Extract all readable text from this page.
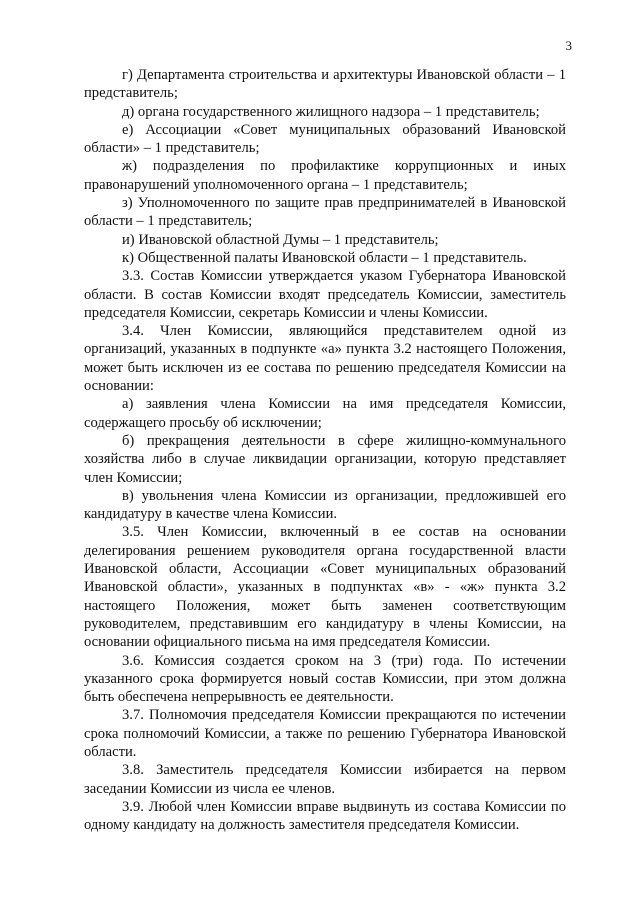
3

г) Департамента строительства и архитектуры Ивановской области – 1 представитель;

д) органа государственного жилищного надзора – 1 представитель;

е) Ассоциации «Совет муниципальных образований Ивановской области» – 1 представитель;

ж) подразделения по профилактике коррупционных и иных правонарушений уполномоченного органа – 1 представитель;

з) Уполномоченного по защите прав предпринимателей в Ивановской области – 1 представитель;

и) Ивановской областной Думы – 1 представитель;

к) Общественной палаты Ивановской области – 1 представитель.

3.3. Состав Комиссии утверждается указом Губернатора Ивановской области. В состав Комиссии входят председатель Комиссии, заместитель председателя Комиссии, секретарь Комиссии и члены Комиссии.

3.4. Член Комиссии, являющийся представителем одной из организаций, указанных в подпункте «а» пункта 3.2 настоящего Положения, может быть исключен из ее состава по решению председателя Комиссии на основании:

а) заявления члена Комиссии на имя председателя Комиссии, содержащего просьбу об исключении;

б) прекращения деятельности в сфере жилищно-коммунального хозяйства либо в случае ликвидации организации, которую представляет член Комиссии;

в) увольнения члена Комиссии из организации, предложившей его кандидатуру в качестве члена Комиссии.

3.5. Член Комиссии, включенный в ее состав на основании делегирования решением руководителя органа государственной власти Ивановской области, Ассоциации «Совет муниципальных образований Ивановской области», указанных в подпунктах «в» - «ж» пункта 3.2 настоящего Положения, может быть заменен соответствующим руководителем, представившим его кандидатуру в члены Комиссии, на основании официального письма на имя председателя Комиссии.

3.6. Комиссия создается сроком на 3 (три) года. По истечении указанного срока формируется новый состав Комиссии, при этом должна быть обеспечена непрерывность ее деятельности.

3.7. Полномочия председателя Комиссии прекращаются по истечении срока полномочий Комиссии, а также по решению Губернатора Ивановской области.

3.8. Заместитель председателя Комиссии избирается на первом заседании Комиссии из числа ее членов.

3.9. Любой член Комиссии вправе выдвинуть из состава Комиссии по одному кандидату на должность заместителя председателя Комиссии.
